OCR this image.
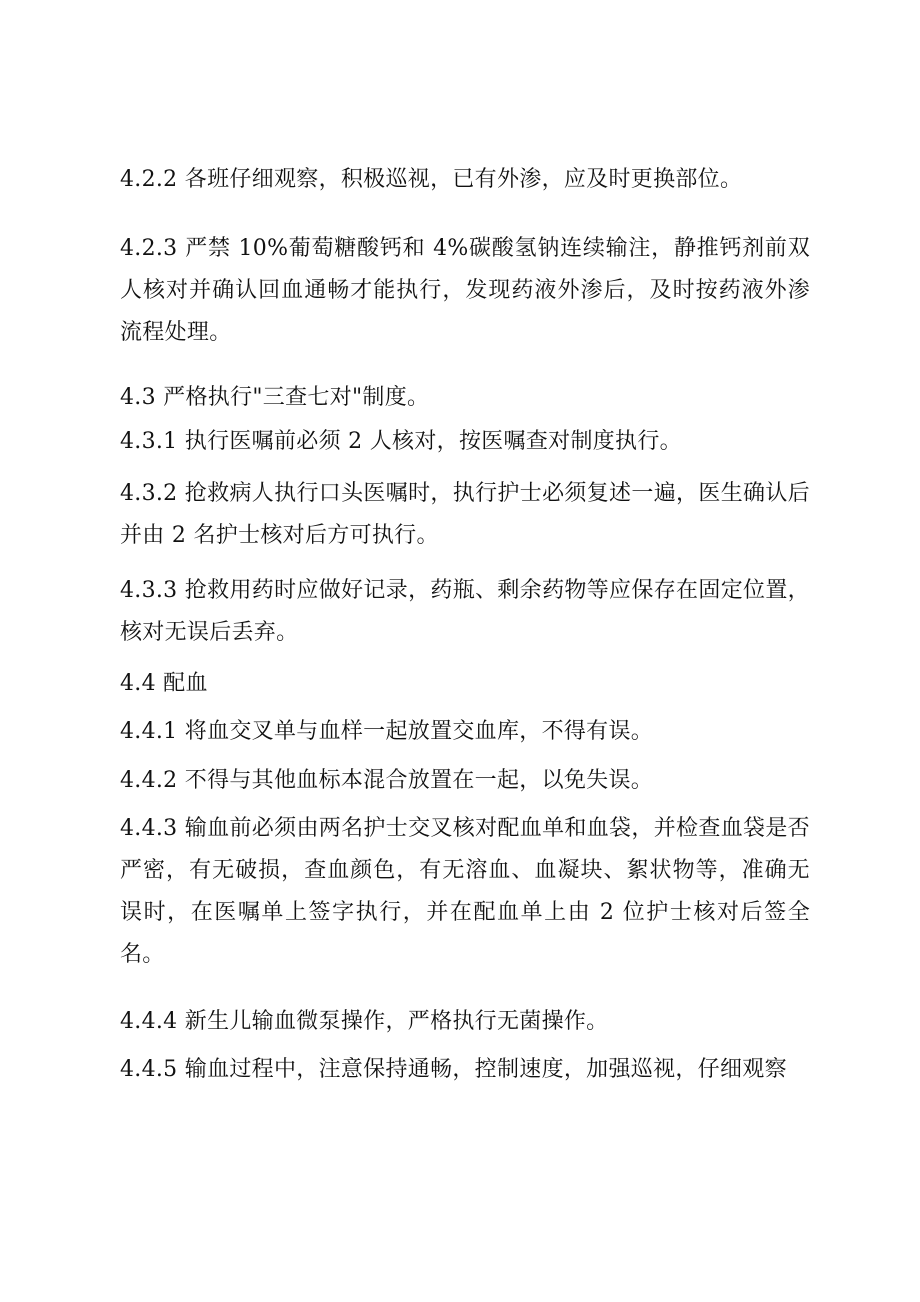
4.2.2 各班仔细观察，积极巡视，已有外渗，应及时更换部位。
4.2.3 严禁 10%葡萄糖酸钙和 4%碳酸氢钠连续输注，静推钙剂前双人核对并确认回血通畅才能执行，发现药液外渗后，及时按药液外渗流程处理。
4.3 严格执行"三查七对"制度。
4.3.1 执行医嘱前必须 2 人核对，按医嘱查对制度执行。
4.3.2 抢救病人执行口头医嘱时，执行护士必须复述一遍，医生确认后并由 2 名护士核对后方可执行。
4.3.3 抢救用药时应做好记录，药瓶、剩余药物等应保存在固定位置，核对无误后丢弃。
4.4 配血
4.4.1 将血交叉单与血样一起放置交血库，不得有误。
4.4.2 不得与其他血标本混合放置在一起，以免失误。
4.4.3 输血前必须由两名护士交叉核对配血单和血袋，并检查血袋是否严密，有无破损，查血颜色，有无溶血、血凝块、絮状物等，准确无误时，在医嘱单上签字执行，并在配血单上由 2 位护士核对后签全名。
4.4.4 新生儿输血微泵操作，严格执行无菌操作。
4.4.5 输血过程中，注意保持通畅，控制速度，加强巡视，仔细观察
